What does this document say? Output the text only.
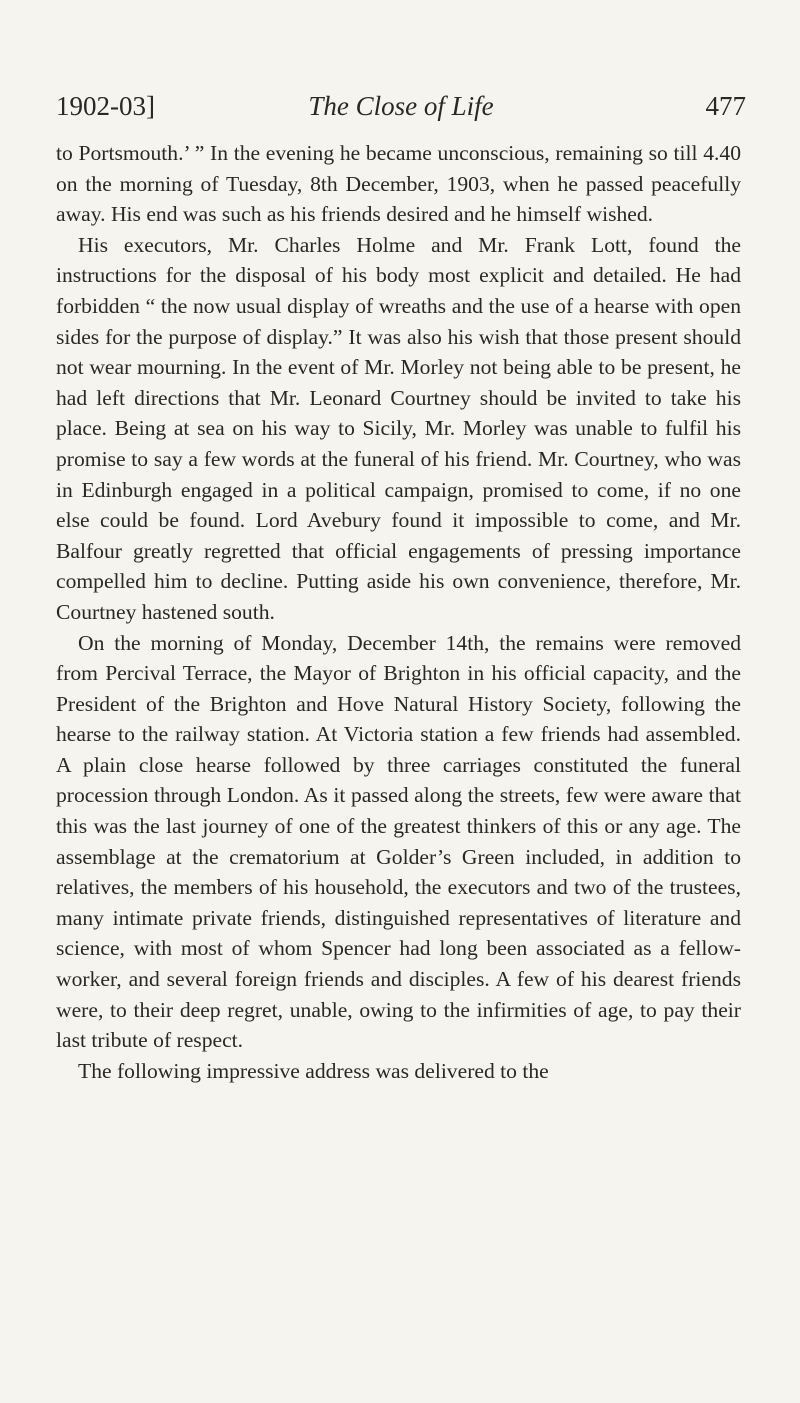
1902-03]	The Close of Life	477

to Portsmouth.’ ” In the evening he became unconscious, remaining so till 4.40 on the morning of Tuesday, 8th December, 1903, when he passed peacefully away. His end was such as his friends desired and he himself wished.

His executors, Mr. Charles Holme and Mr. Frank Lott, found the instructions for the disposal of his body most explicit and detailed. He had forbidden “ the now usual display of wreaths and the use of a hearse with open sides for the purpose of display.” It was also his wish that those present should not wear mourning. In the event of Mr. Morley not being able to be present, he had left directions that Mr. Leonard Courtney should be invited to take his place. Being at sea on his way to Sicily, Mr. Morley was unable to fulfil his promise to say a few words at the funeral of his friend. Mr. Courtney, who was in Edinburgh engaged in a political campaign, promised to come, if no one else could be found. Lord Avebury found it impossible to come, and Mr. Balfour greatly regretted that official engagements of pressing importance compelled him to decline. Putting aside his own convenience, therefore, Mr. Courtney hastened south.

On the morning of Monday, December 14th, the remains were removed from Percival Terrace, the Mayor of Brighton in his official capacity, and the President of the Brighton and Hove Natural History Society, following the hearse to the railway station. At Victoria station a few friends had assembled. A plain close hearse followed by three carriages constituted the funeral procession through London. As it passed along the streets, few were aware that this was the last journey of one of the greatest thinkers of this or any age. The assemblage at the crematorium at Golder’s Green included, in addition to relatives, the members of his household, the executors and two of the trustees, many intimate private friends, distinguished representatives of literature and science, with most of whom Spencer had long been associated as a fellow-worker, and several foreign friends and disciples. A few of his dearest friends were, to their deep regret, unable, owing to the infirmities of age, to pay their last tribute of respect.

The following impressive address was delivered to the
